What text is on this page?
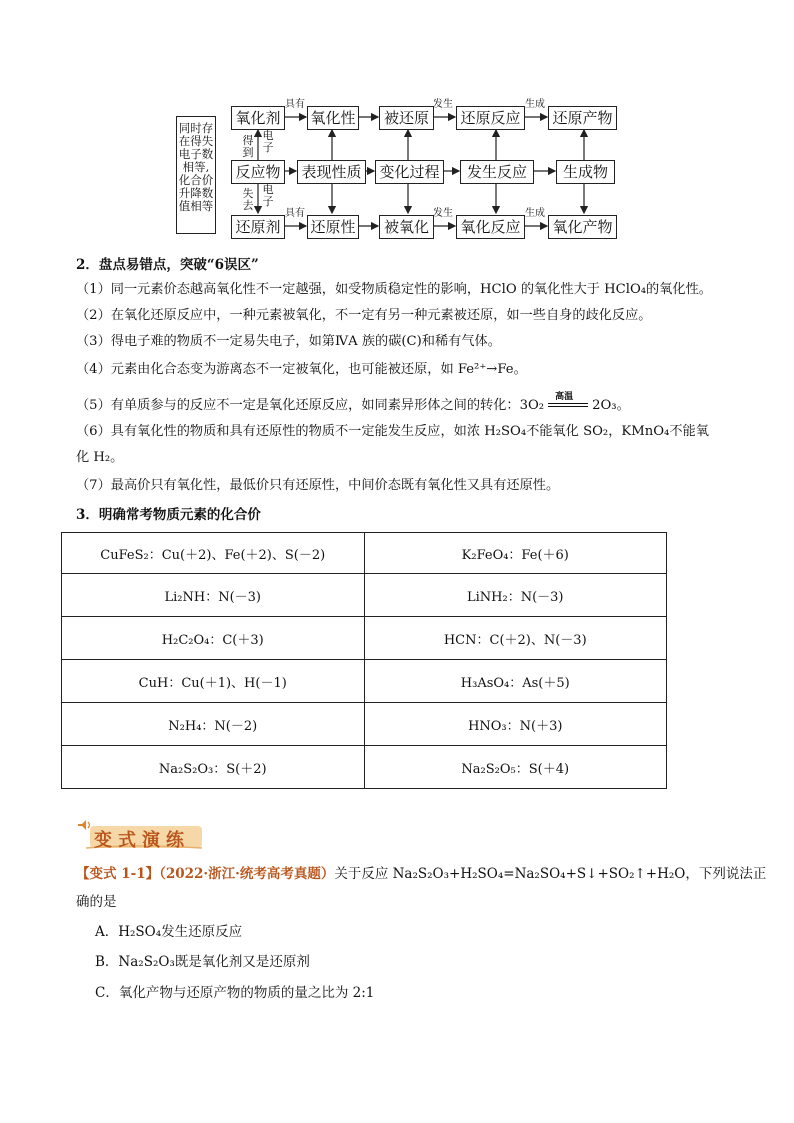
同时存
在得失
电子数
相等,
化合价
升降数
值相等
氧化剂	氧化性	被还原	还原反应	还原产物
反应物	表现性质	变化过程	发生反应	生成物
还原剂	还原性	被氧化	氧化反应	氧化产物
具有	发生	生成
具有	发生	生成
得
到
电
子
失
去
电
子
2．盘点易错点，突破“6误区”
（1）同一元素价态越高氧化性不一定越强，如受物质稳定性的影响，HClO 的氧化性大于 HClO₄的氧化性。
（2）在氧化还原反应中，一种元素被氧化，不一定有另一种元素被还原，如一些自身的歧化反应。
（3）得电子难的物质不一定易失电子，如第ⅣA 族的碳(C)和稀有气体。
（4）元素由化合态变为游离态不一定被氧化，也可能被还原，如 Fe²⁺→Fe。
（5）有单质参与的反应不一定是氧化还原反应，如同素异形体之间的转化：3O₂
高温
2O₃。
（6）具有氧化性的物质和具有还原性的物质不一定能发生反应，如浓 H₂SO₄不能氧化 SO₂，KMnO₄不能氧
化 H₂。
（7）最高价只有氧化性，最低价只有还原性，中间价态既有氧化性又具有还原性。
3．明确常考物质元素的化合价
CuFeS₂：Cu(＋2)、Fe(＋2)、S(－2)	K₂FeO₄：Fe(＋6)
Li₂NH：N(－3)	LiNH₂：N(－3)
H₂C₂O₄：C(＋3)	HCN：C(＋2)、N(－3)
CuH：Cu(＋1)、H(－1)	H₃AsO₄：As(＋5)
N₂H₄：N(－2)	HNO₃：N(＋3)
Na₂S₂O₃：S(＋2)	Na₂S₂O₅：S(＋4)
变式演练
【变式 1-1】（2022·浙江·统考高考真题）关于反应 Na₂S₂O₃+H₂SO₄=Na₂SO₄+S↓+SO₂↑+H₂O，下列说法正
确的是
A．H₂SO₄发生还原反应
B．Na₂S₂O₃既是氧化剂又是还原剂
C．氧化产物与还原产物的物质的量之比为 2:1
